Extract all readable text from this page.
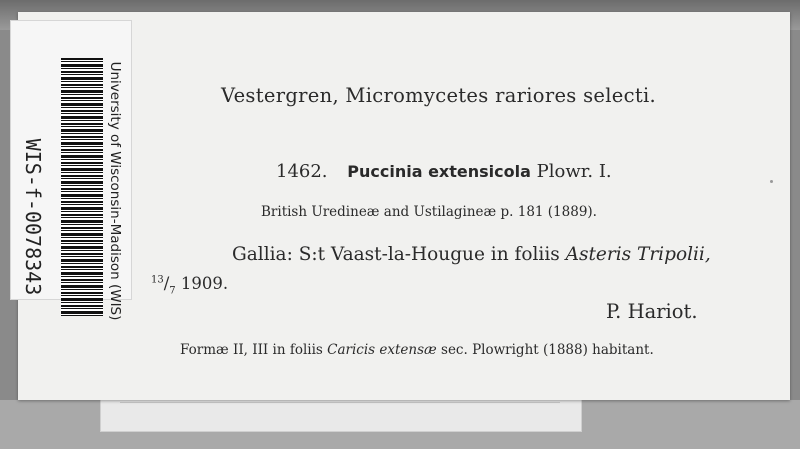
Vestergren, Micromycetes rariores selecti.
1462. Puccinia extensicola Plowr. I.
British Uredineæ and Ustilagineæ p. 181 (1889).
Gallia: S:t Vaast-la-Hougue in foliis Asteris Tripolii,
$^{13}/_7$ 1909.
P. Hariot.
Formæ II, III in foliis Caricis extensæ sec. Plowright (1888) habitant.
WIS-f-0078343	University of Wisconsin-Madison (WIS)
